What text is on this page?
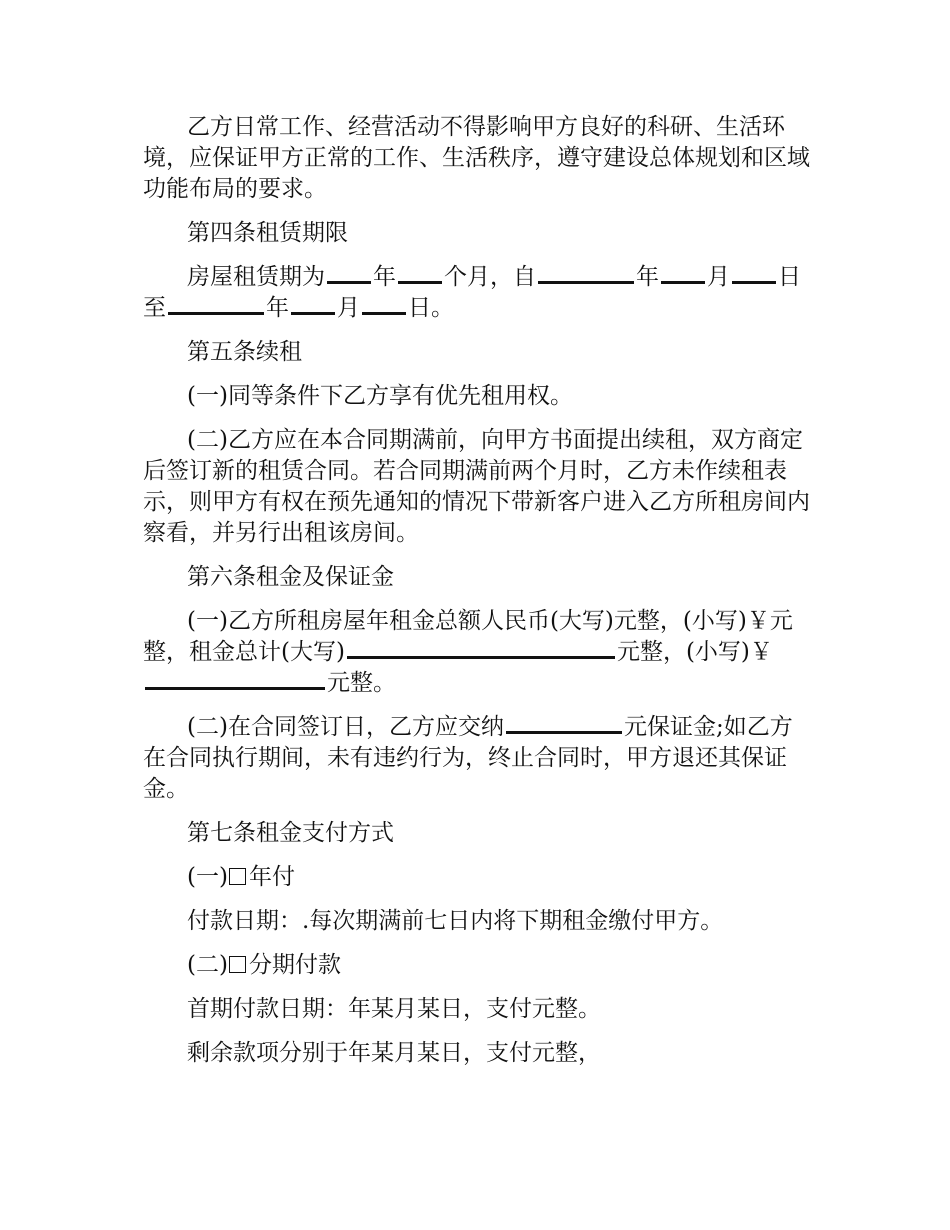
乙方日常工作、经营活动不得影响甲方良好的科研、生活环境，应保证甲方正常的工作、生活秩序，遵守建设总体规划和区域功能布局的要求。

第四条租赁期限

房屋租赁期为 年 个月，自	年 月 日至	年 月 日。

第五条续租

(一)同等条件下乙方享有优先租用权。

(二)乙方应在本合同期满前，向甲方书面提出续租，双方商定后签订新的租赁合同。若合同期满前两个月时，乙方未作续租表示，则甲方有权在预先通知的情况下带新客户进入乙方所租房间内察看，并另行出租该房间。

第六条租金及保证金

(一)乙方所租房屋年租金总额人民币(大写)元整，(小写)￥元整，租金总计(大写)	元整，(小写)￥元整。

(二)在合同签订日，乙方应交纳	元保证金;如乙方在合同执行期间，未有违约行为，终止合同时，甲方退还其保证金。

第七条租金支付方式

(一) 年付

付款日期：.每次期满前七日内将下期租金缴付甲方。

(二) 分期付款

首期付款日期：年某月某日，支付元整。

剩余款项分别于年某月某日，支付元整，
